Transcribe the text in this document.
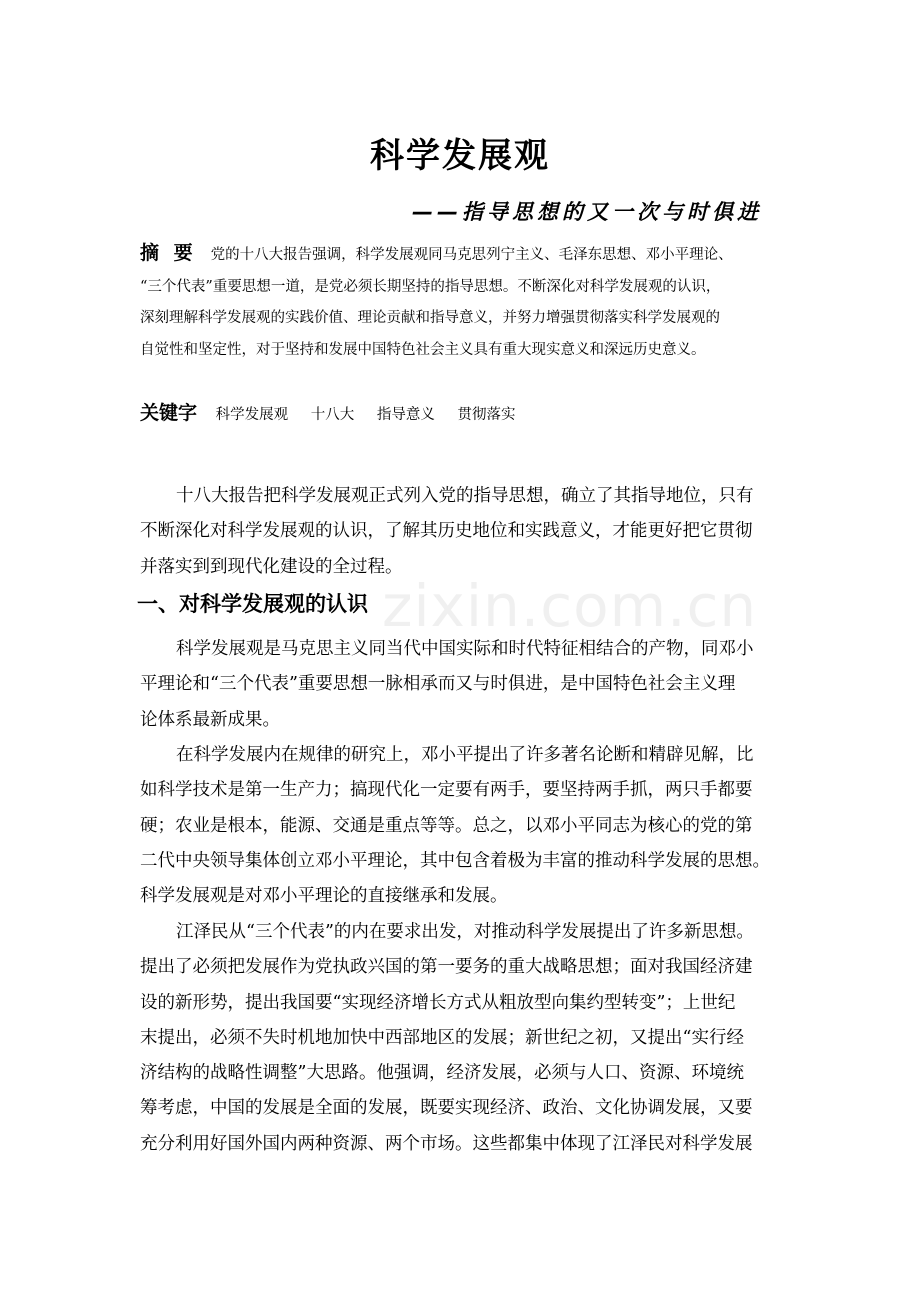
科学发展观
——指导思想的又一次与时俱进
摘 要 党的十八大报告强调，科学发展观同马克思列宁主义、毛泽东思想、邓小平理论、
“三个代表”重要思想一道，是党必须长期坚持的指导思想。不断深化对科学发展观的认识，
深刻理解科学发展观的实践价值、理论贡献和指导意义，并努力增强贯彻落实科学发展观的
自觉性和坚定性，对于坚持和发展中国特色社会主义具有重大现实意义和深远历史意义。
关键字 科学发展观 十八大 指导意义 贯彻落实
十八大报告把科学发展观正式列入党的指导思想，确立了其指导地位，只有
不断深化对科学发展观的认识，了解其历史地位和实践意义，才能更好把它贯彻
并落实到到现代化建设的全过程。
zixin.com.cn
一、对科学发展观的认识
科学发展观是马克思主义同当代中国实际和时代特征相结合的产物，同邓小
平理论和“三个代表”重要思想一脉相承而又与时俱进，是中国特色社会主义理
论体系最新成果。
在科学发展内在规律的研究上，邓小平提出了许多著名论断和精辟见解，比
如科学技术是第一生产力；搞现代化一定要有两手，要坚持两手抓，两只手都要
硬；农业是根本，能源、交通是重点等等。总之，以邓小平同志为核心的党的第
二代中央领导集体创立邓小平理论，其中包含着极为丰富的推动科学发展的思想。
科学发展观是对邓小平理论的直接继承和发展。
江泽民从“三个代表”的内在要求出发，对推动科学发展提出了许多新思想。
提出了必须把发展作为党执政兴国的第一要务的重大战略思想；面对我国经济建
设的新形势，提出我国要“实现经济增长方式从粗放型向集约型转变”；上世纪
末提出，必须不失时机地加快中西部地区的发展；新世纪之初，又提出“实行经
济结构的战略性调整”大思路。他强调，经济发展，必须与人口、资源、环境统
筹考虑，中国的发展是全面的发展，既要实现经济、政治、文化协调发展，又要
充分利用好国外国内两种资源、两个市场。这些都集中体现了江泽民对科学发展
